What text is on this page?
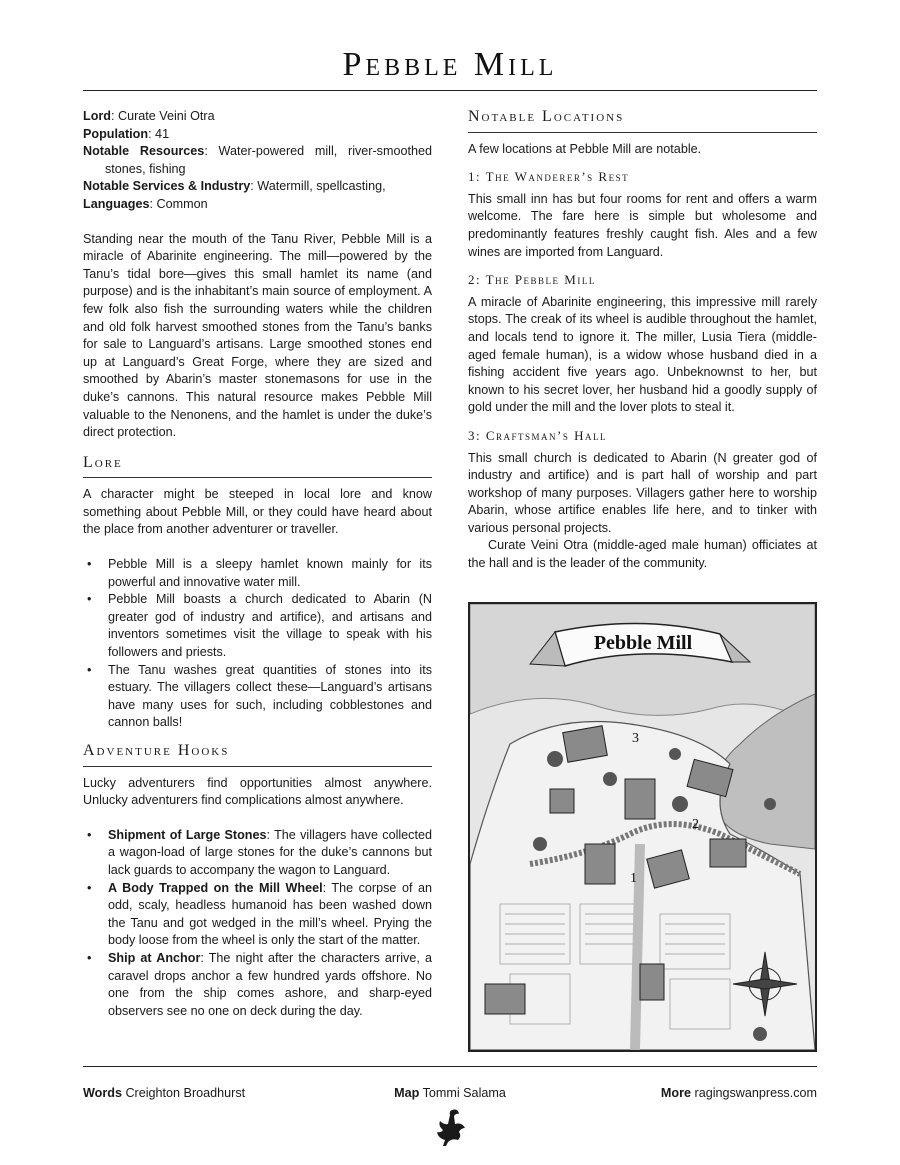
Pebble Mill

Lord: Curate Veini Otra

Population: 41

Notable Resources: Water-powered mill, river-smoothed stones, fishing

Notable Services & Industry: Watermill, spellcasting,

Languages: Common

Standing near the mouth of the Tanu River, Pebble Mill is a miracle of Abarinite engineering. The mill—powered by the Tanu’s tidal bore—gives this small hamlet its name (and purpose) and is the inhabitant’s main source of employment. A few folk also fish the surrounding waters while the children and old folk harvest smoothed stones from the Tanu’s banks for sale to Languard’s artisans. Large smoothed stones end up at Languard’s Great Forge, where they are sized and smoothed by Abarin’s master stonemasons for use in the duke’s cannons. This natural resource makes Pebble Mill valuable to the Nenonens, and the hamlet is under the duke’s direct protection.

Lore

A character might be steeped in local lore and know something about Pebble Mill, or they could have heard about the place from another adventurer or traveller.

• Pebble Mill is a sleepy hamlet known mainly for its powerful and innovative water mill.
• Pebble Mill boasts a church dedicated to Abarin (N greater god of industry and artifice), and artisans and inventors sometimes visit the village to speak with his followers and priests.
• The Tanu washes great quantities of stones into its estuary. The villagers collect these—Languard’s artisans have many uses for such, including cobblestones and cannon balls!
Adventure Hooks

Lucky adventurers find opportunities almost anywhere. Unlucky adventurers find complications almost anywhere.

• Shipment of Large Stones: The villagers have collected a wagon-load of large stones for the duke’s cannons but lack guards to accompany the wagon to Languard.
• A Body Trapped on the Mill Wheel: The corpse of an odd, scaly, headless humanoid has been washed down the Tanu and got wedged in the mill’s wheel. Prying the body loose from the wheel is only the start of the matter.
• Ship at Anchor: The night after the characters arrive, a caravel drops anchor a few hundred yards offshore. No one from the ship comes ashore, and sharp-eyed observers see no one on deck during the day.
Notable Locations

A few locations at Pebble Mill are notable.

1: The Wanderer’s Rest

This small inn has but four rooms for rent and offers a warm welcome. The fare here is simple but wholesome and predominantly features freshly caught fish. Ales and a few wines are imported from Languard.

2: The Pebble Mill

A miracle of Abarinite engineering, this impressive mill rarely stops. The creak of its wheel is audible throughout the hamlet, and locals tend to ignore it. The miller, Lusia Tiera (middle-aged female human), is a widow whose husband died in a fishing accident five years ago. Unbeknownst to her, but known to his secret lover, her husband hid a goodly supply of gold under the mill and the lover plots to steal it.

3: Craftsman’s Hall

This small church is dedicated to Abarin (N greater god of industry and artifice) and is part hall of worship and part workshop of many purposes. Villagers gather here to worship Abarin, whose artifice enables life here, and to tinker with various personal projects.

Curate Veini Otra (middle-aged male human) officiates at the hall and is the leader of the community.

Pebble Mill
1
2
3
Words Creighton Broadhurst	Map Tommi Salama	More ragingswanpress.com
